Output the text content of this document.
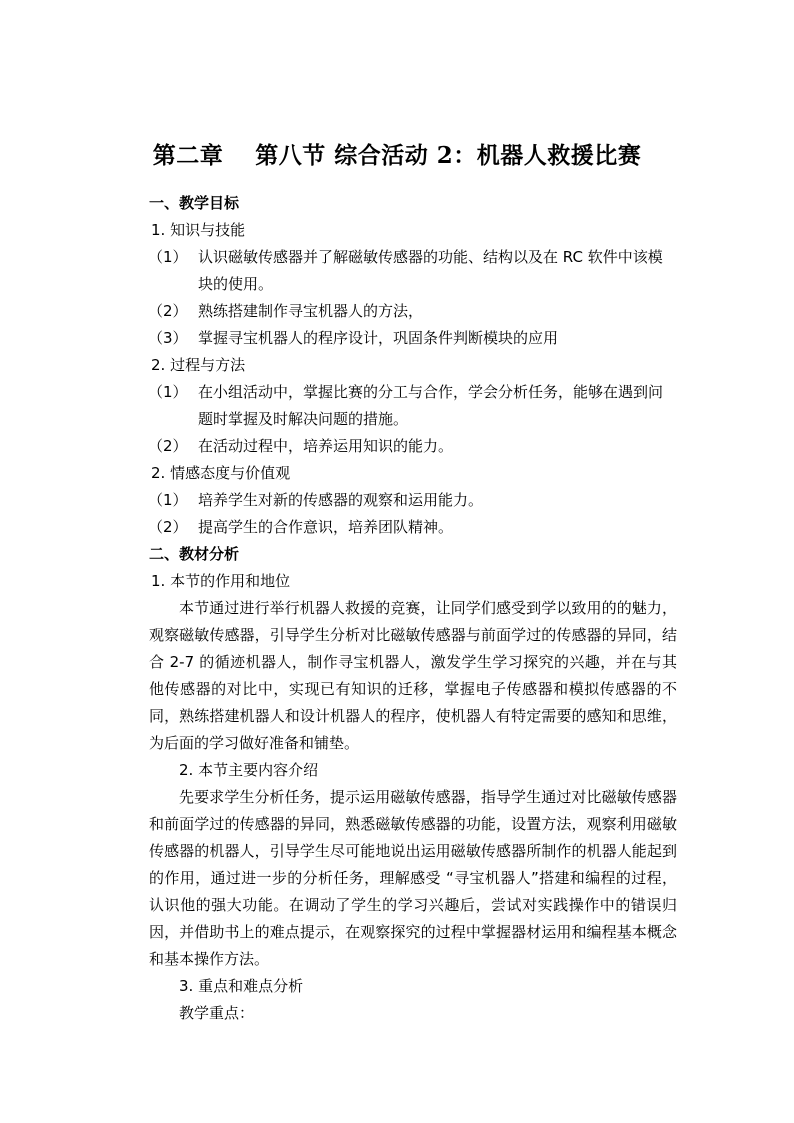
第二章　 第八节 综合活动 2：机器人救援比赛

一、教学目标

1. 知识与技能

（1） 认识磁敏传感器并了解磁敏传感器的功能、结构以及在 RC 软件中该模块的使用。
（2） 熟练搭建制作寻宝机器人的方法，
（3） 掌握寻宝机器人的程序设计，巩固条件判断模块的应用

2. 过程与方法

（1） 在小组活动中，掌握比赛的分工与合作，学会分析任务，能够在遇到问题时掌握及时解决问题的措施。
（2） 在活动过程中，培养运用知识的能力。

2. 情感态度与价值观

（1） 培养学生对新的传感器的观察和运用能力。
（2） 提高学生的合作意识，培养团队精神。

二、教材分析

1. 本节的作用和地位

本节通过进行举行机器人救援的竞赛，让同学们感受到学以致用的的魅力，观察磁敏传感器，引导学生分析对比磁敏传感器与前面学过的传感器的异同，结合 2-7 的循迹机器人，制作寻宝机器人，激发学生学习探究的兴趣，并在与其他传感器的对比中，实现已有知识的迁移，掌握电子传感器和模拟传感器的不同，熟练搭建机器人和设计机器人的程序，使机器人有特定需要的感知和思维，为后面的学习做好准备和铺垫。

2. 本节主要内容介绍

先要求学生分析任务，提示运用磁敏传感器，指导学生通过对比磁敏传感器和前面学过的传感器的异同，熟悉磁敏传感器的功能，设置方法，观察利用磁敏传感器的机器人，引导学生尽可能地说出运用磁敏传感器所制作的机器人能起到的作用，通过进一步的分析任务，理解感受 “寻宝机器人”搭建和编程的过程，认识他的强大功能。在调动了学生的学习兴趣后，尝试对实践操作中的错误归因，并借助书上的难点提示，在观察探究的过程中掌握器材运用和编程基本概念和基本操作方法。

3. 重点和难点分析

教学重点：
